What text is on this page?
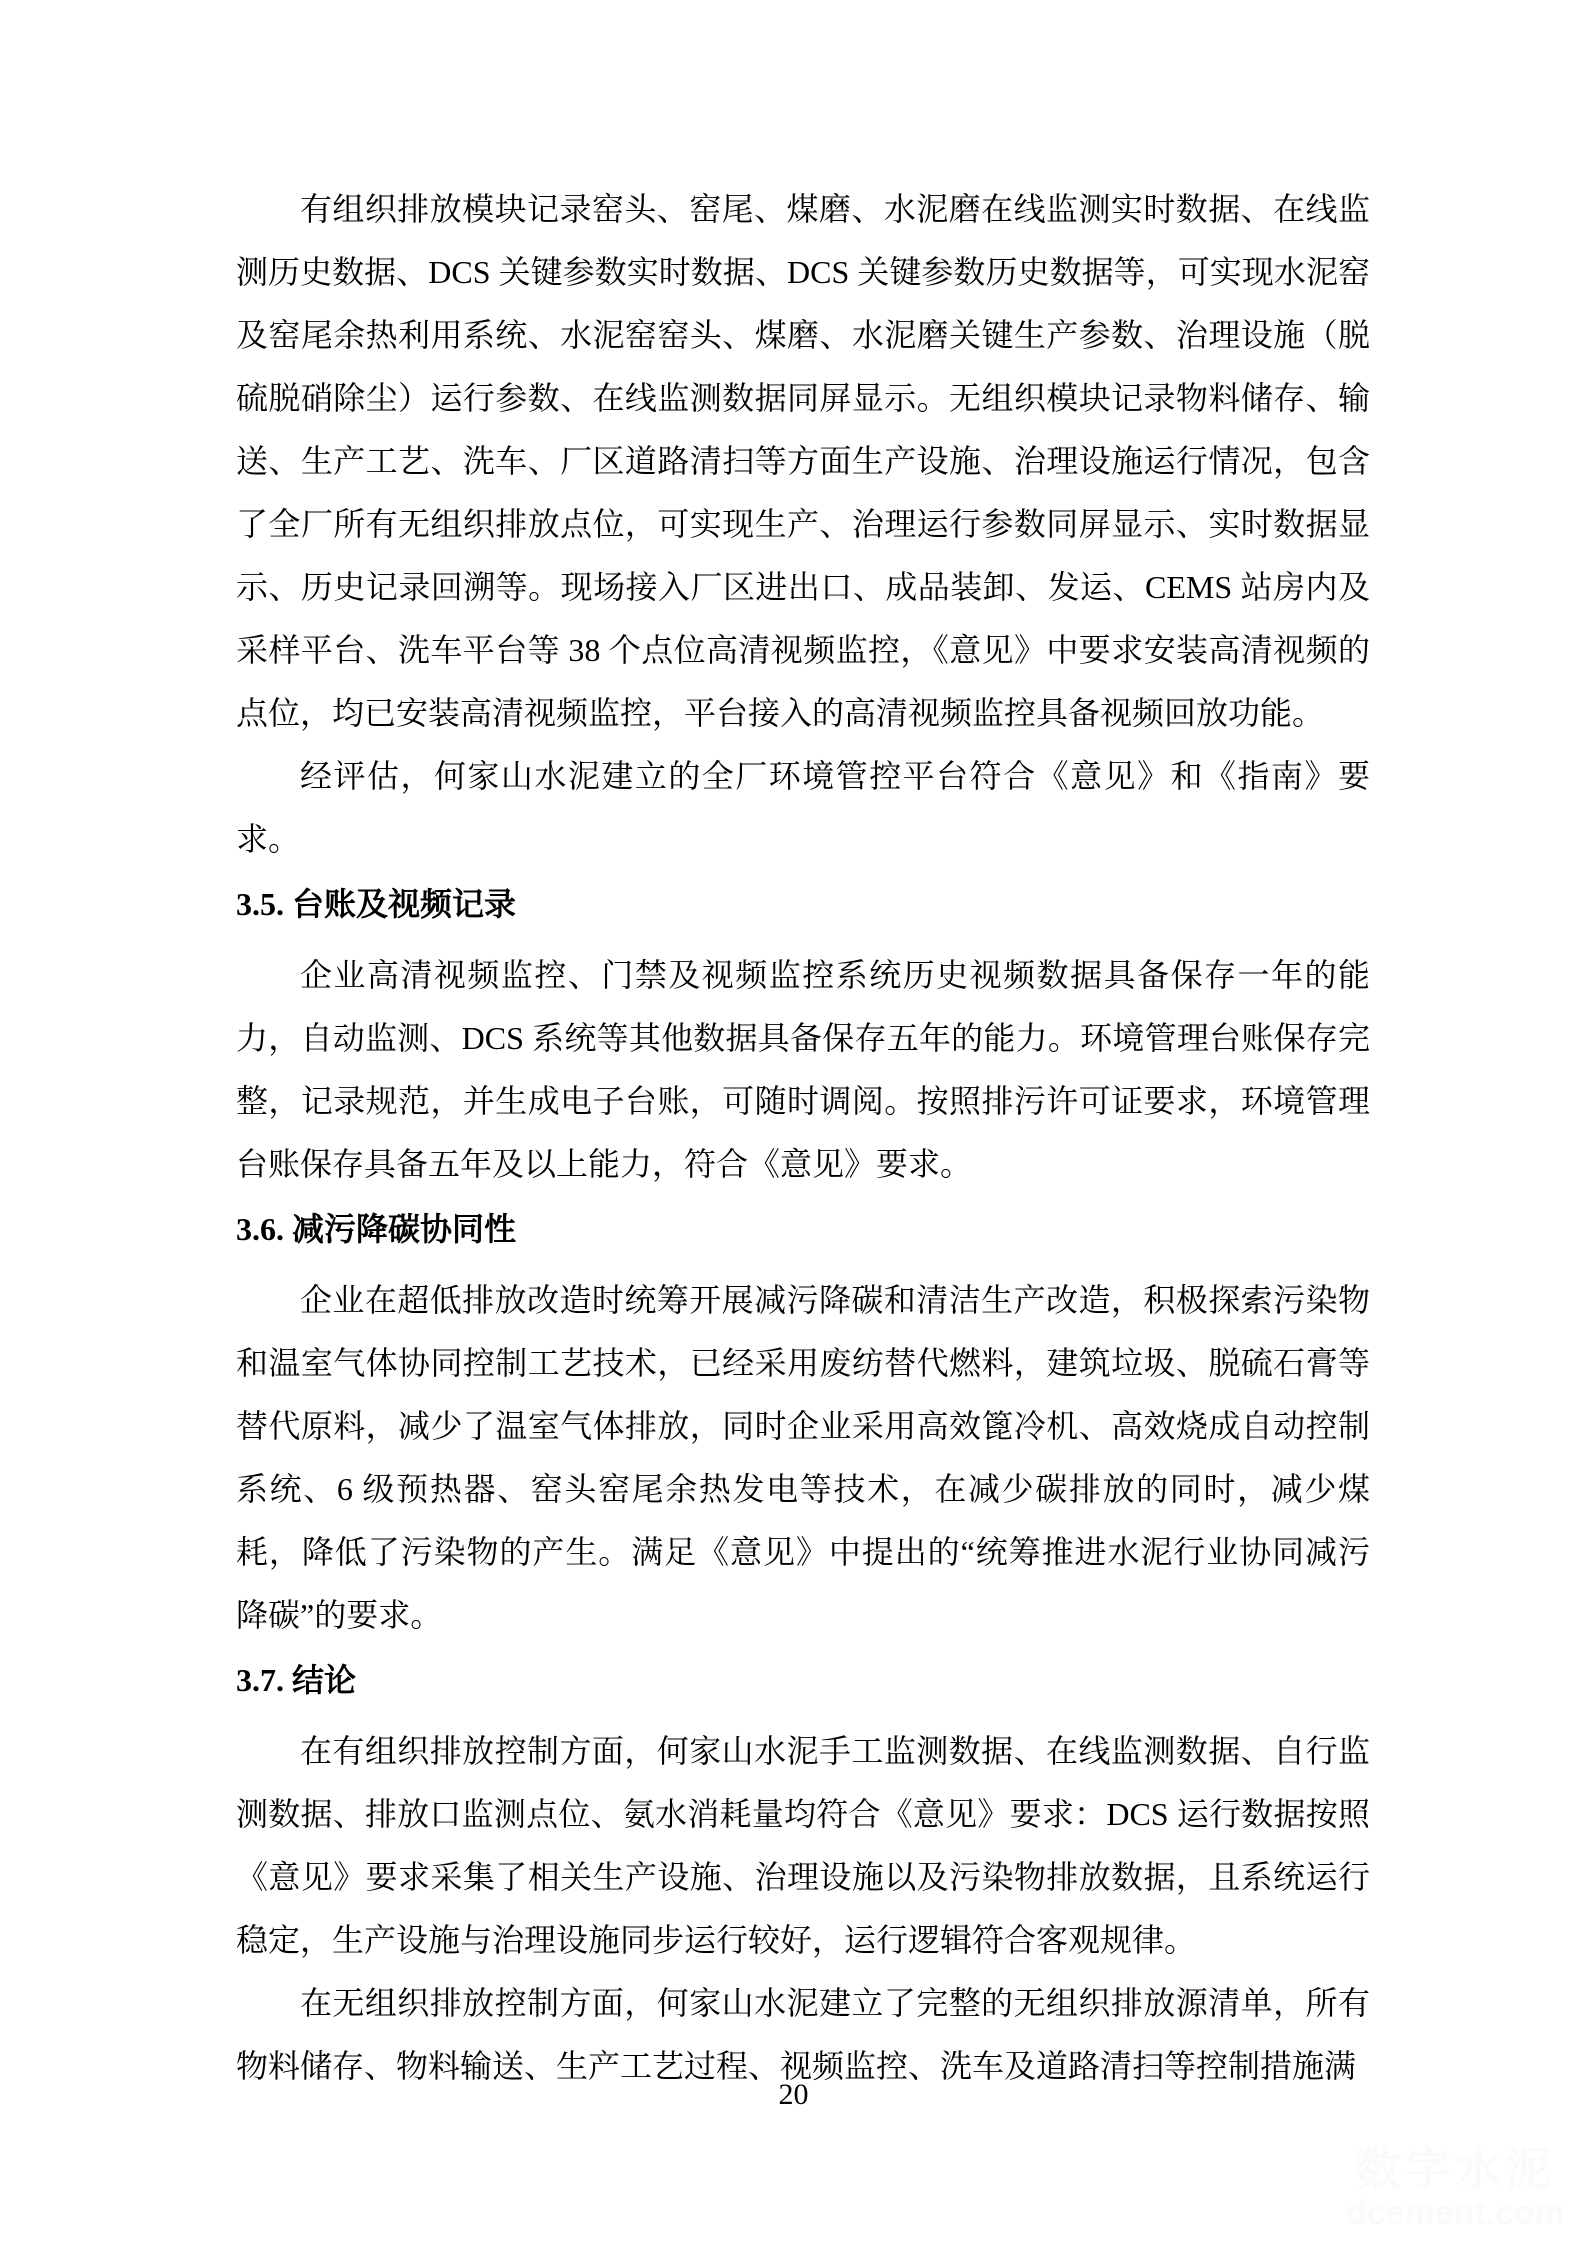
有组织排放模块记录窑头、窑尾、煤磨、水泥磨在线监测实时数据、在线监测历史数据、DCS 关键参数实时数据、DCS 关键参数历史数据等，可实现水泥窑及窑尾余热利用系统、水泥窑窑头、煤磨、水泥磨关键生产参数、治理设施（脱硫脱硝除尘）运行参数、在线监测数据同屏显示。无组织模块记录物料储存、输送、生产工艺、洗车、厂区道路清扫等方面生产设施、治理设施运行情况，包含了全厂所有无组织排放点位，可实现生产、治理运行参数同屏显示、实时数据显示、历史记录回溯等。现场接入厂区进出口、成品装卸、发运、CEMS 站房内及采样平台、洗车平台等 38 个点位高清视频监控，《意见》中要求安装高清视频的点位，均已安装高清视频监控，平台接入的高清视频监控具备视频回放功能。

经评估，何家山水泥建立的全厂环境管控平台符合《意见》和《指南》要求。

3.5. 台账及视频记录

企业高清视频监控、门禁及视频监控系统历史视频数据具备保存一年的能力，自动监测、DCS 系统等其他数据具备保存五年的能力。环境管理台账保存完整，记录规范，并生成电子台账，可随时调阅。按照排污许可证要求，环境管理台账保存具备五年及以上能力，符合《意见》要求。

3.6. 减污降碳协同性

企业在超低排放改造时统筹开展减污降碳和清洁生产改造，积极探索污染物和温室气体协同控制工艺技术，已经采用废纺替代燃料，建筑垃圾、脱硫石膏等替代原料，减少了温室气体排放，同时企业采用高效篦冷机、高效烧成自动控制系统、6 级预热器、窑头窑尾余热发电等技术，在减少碳排放的同时，减少煤耗，降低了污染物的产生。满足《意见》中提出的“统筹推进水泥行业协同减污降碳”的要求。

3.7. 结论

在有组织排放控制方面，何家山水泥手工监测数据、在线监测数据、自行监测数据、排放口监测点位、氨水消耗量均符合《意见》要求：DCS 运行数据按照《意见》要求采集了相关生产设施、治理设施以及污染物排放数据，且系统运行稳定，生产设施与治理设施同步运行较好，运行逻辑符合客观规律。

在无组织排放控制方面，何家山水泥建立了完整的无组织排放源清单，所有物料储存、物料输送、生产工艺过程、视频监控、洗车及道路清扫等控制措施满

20
数字水泥
dcement.com
